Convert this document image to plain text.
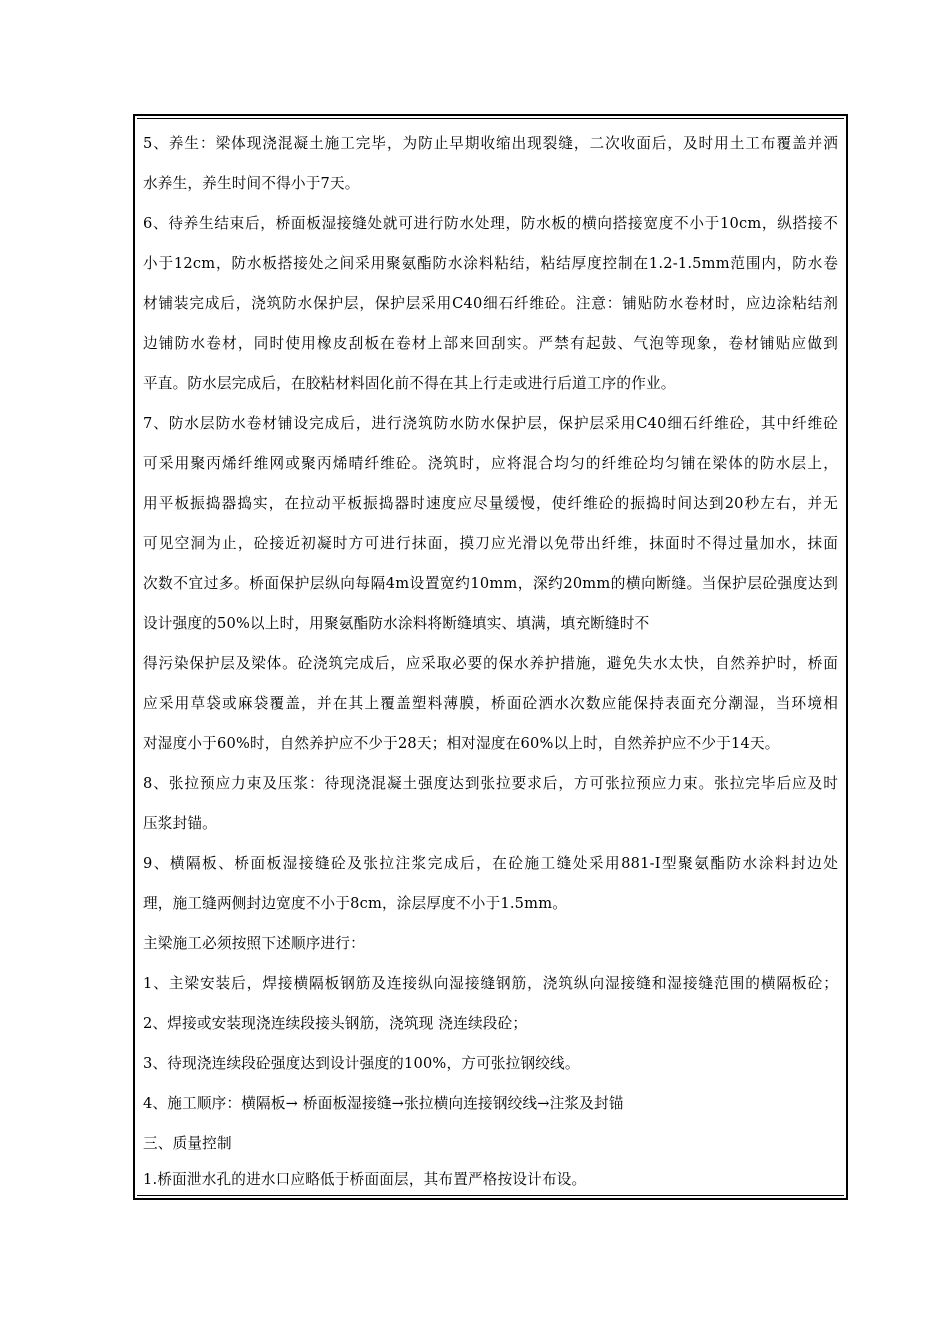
5、养生：梁体现浇混凝土施工完毕，为防止早期收缩出现裂缝，二次收面后，及时用土工布覆盖并洒
水养生，养生时间不得小于7天。
6、待养生结束后，桥面板湿接缝处就可进行防水处理，防水板的横向搭接宽度不小于10cm，纵搭接不
小于12cm，防水板搭接处之间采用聚氨酯防水涂料粘结，粘结厚度控制在1.2-1.5mm范围内，防水卷
材铺装完成后，浇筑防水保护层，保护层采用C40细石纤维砼。注意：铺贴防水卷材时，应边涂粘结剂
边铺防水卷材，同时使用橡皮刮板在卷材上部来回刮实。严禁有起鼓、气泡等现象，卷材铺贴应做到
平直。防水层完成后，在胶粘材料固化前不得在其上行走或进行后道工序的作业。
7、防水层防水卷材铺设完成后，进行浇筑防水防水保护层，保护层采用C40细石纤维砼，其中纤维砼
可采用聚丙烯纤维网或聚丙烯晴纤维砼。浇筑时，应将混合均匀的纤维砼均匀铺在梁体的防水层上，
用平板振捣器捣实，在拉动平板振捣器时速度应尽量缓慢，使纤维砼的振捣时间达到20秒左右，并无
可见空洞为止，砼接近初凝时方可进行抹面，摸刀应光滑以免带出纤维，抹面时不得过量加水，抹面
次数不宜过多。桥面保护层纵向每隔4m设置宽约10mm，深约20mm的横向断缝。当保护层砼强度达到
设计强度的50%以上时，用聚氨酯防水涂料将断缝填实、填满，填充断缝时不
得污染保护层及梁体。砼浇筑完成后，应采取必要的保水养护措施，避免失水太快，自然养护时，桥面
应采用草袋或麻袋覆盖，并在其上覆盖塑料薄膜，桥面砼洒水次数应能保持表面充分潮湿，当环境相
对湿度小于60%时，自然养护应不少于28天；相对湿度在60%以上时，自然养护应不少于14天。
8、张拉预应力束及压浆：待现浇混凝土强度达到张拉要求后，方可张拉预应力束。张拉完毕后应及时
压浆封锚。
9、横隔板、桥面板湿接缝砼及张拉注浆完成后，在砼施工缝处采用881-I型聚氨酯防水涂料封边处
理，施工缝两侧封边宽度不小于8cm，涂层厚度不小于1.5mm。
主梁施工必须按照下述顺序进行：
1、主梁安装后，焊接横隔板钢筋及连接纵向湿接缝钢筋，浇筑纵向湿接缝和湿接缝范围的横隔板砼；
2、焊接或安装现浇连续段接头钢筋，浇筑现 浇连续段砼；
3、待现浇连续段砼强度达到设计强度的100%，方可张拉钢绞线。
4、施工顺序：横隔板→ 桥面板湿接缝→张拉横向连接钢绞线→注浆及封锚
三、质量控制
1.桥面泄水孔的进水口应略低于桥面面层，其布置严格按设计布设。
